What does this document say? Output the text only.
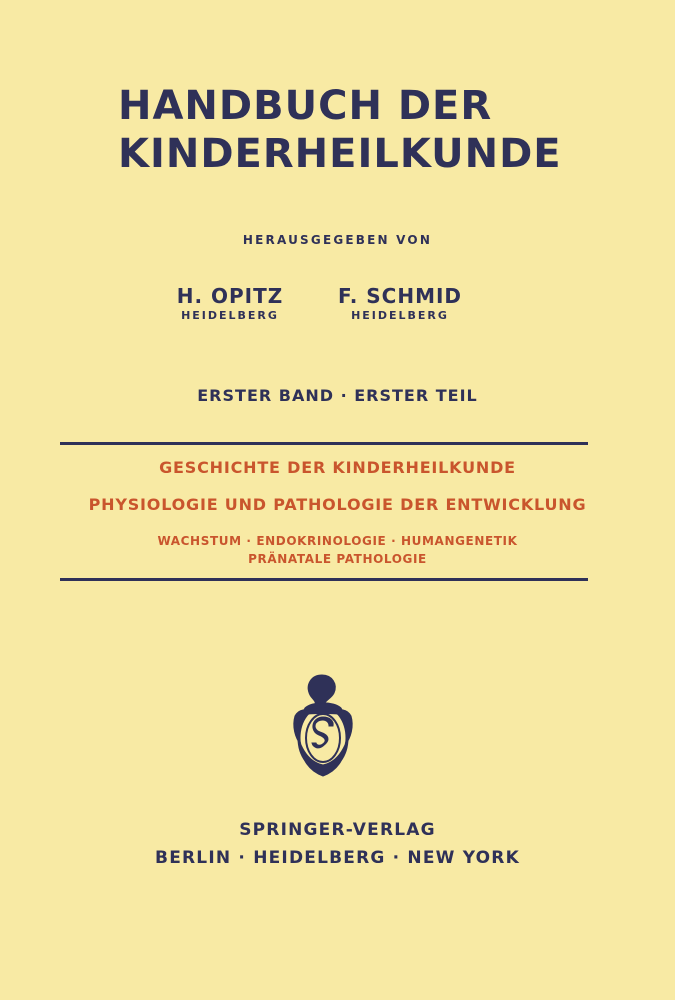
HANDBUCH DER
KINDERHEILKUNDE
HERAUSGEGEBEN VON
H. OPITZ
HEIDELBERG
F. SCHMID
HEIDELBERG
ERSTER BAND · ERSTER TEIL
GESCHICHTE DER KINDERHEILKUNDE
PHYSIOLOGIE UND PATHOLOGIE DER ENTWICKLUNG
WACHSTUM · ENDOKRINOLOGIE · HUMANGENETIK
PRÄNATALE PATHOLOGIE
SPRINGER-VERLAG
BERLIN · HEIDELBERG · NEW YORK
